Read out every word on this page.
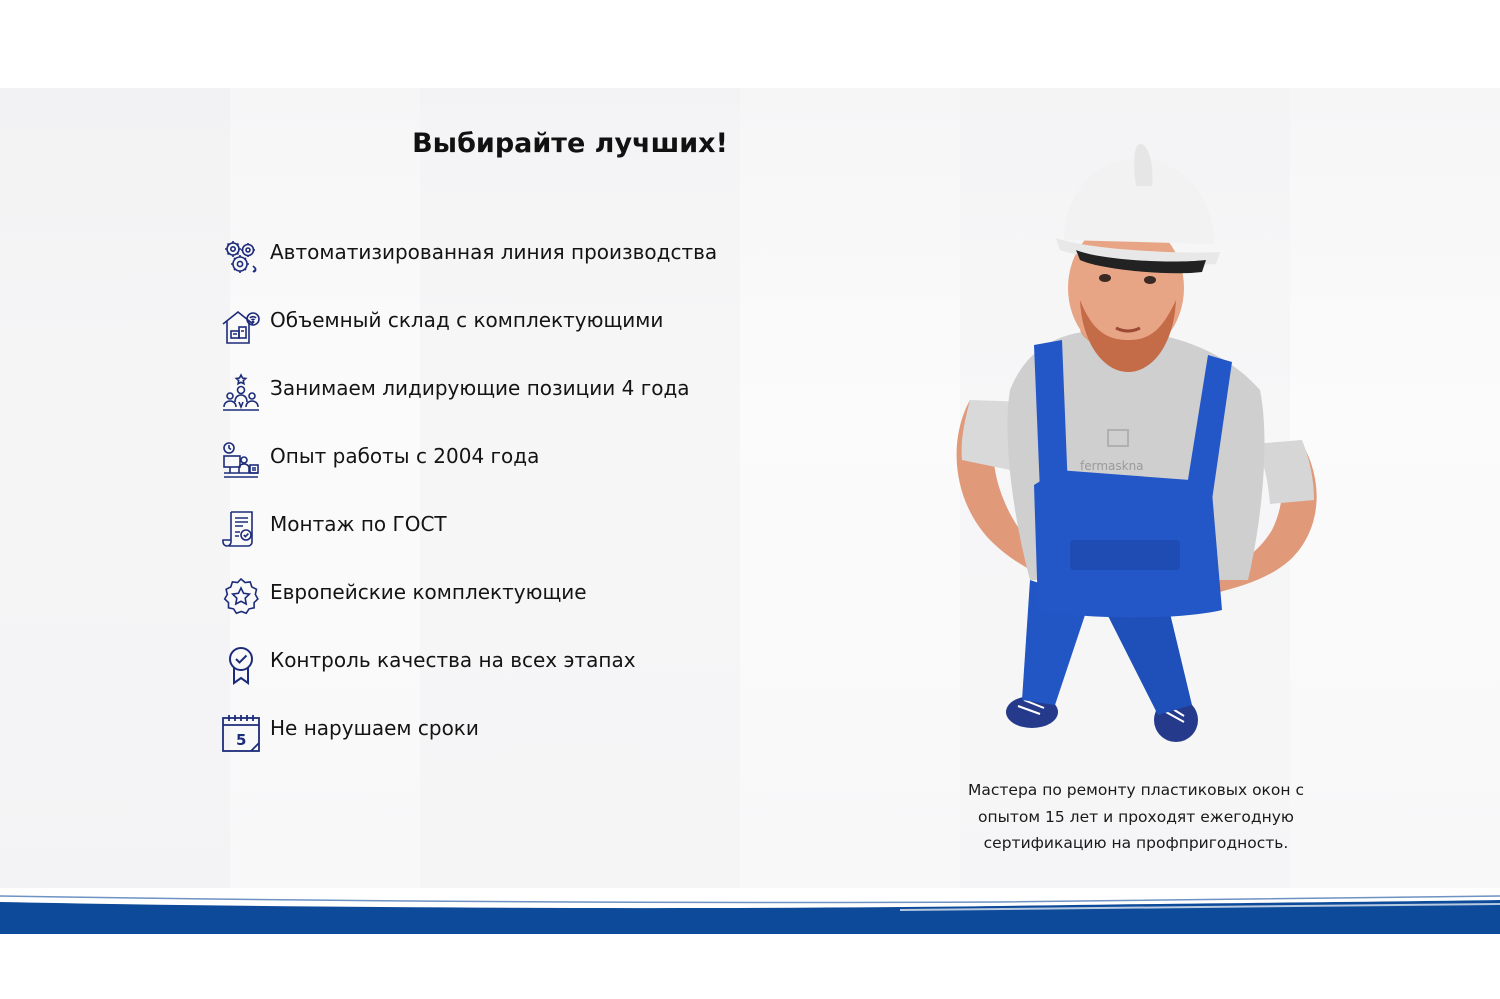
Выбирайте лучших!
Автоматизированная линия производства
Объемный склад с комплектующими
Занимаем лидирующие позиции 4 года
Опыт работы с 2004 года
Монтаж по ГОСТ
Европейские комплектующие
Контроль качества на всех этапах
5 Не нарушаем сроки
fermaskna

Мастера по ремонту пластиковых окон с
опытом 15 лет и проходят ежегодную
сертификацию на профпригодность.
